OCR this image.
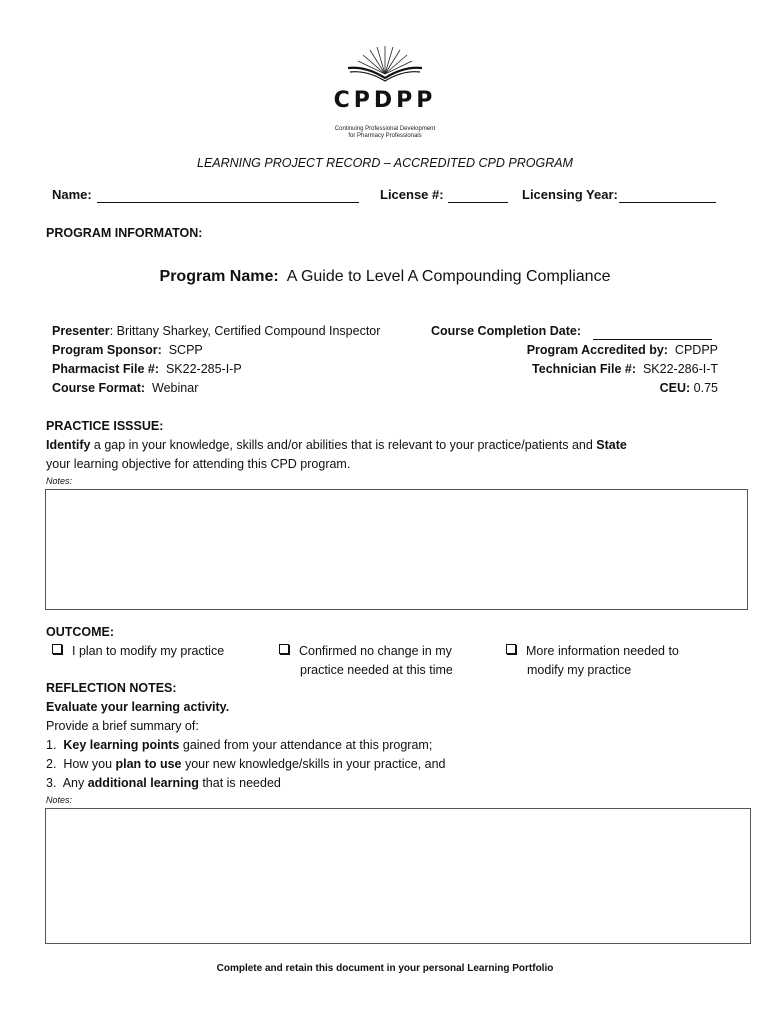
CPDPP
Continuing Professional Development
for Pharmacy Professionals
LEARNING PROJECT RECORD – ACCREDITED CPD PROGRAM
Name:	License #:	Licensing Year:
PROGRAM INFORMATON:
Program Name: A Guide to Level A Compounding Compliance
Presenter: Brittany Sharkey, Certified Compound Inspector	Course Completion Date:
Program Sponsor: SCPP	Program Accredited by: CPDPP
Pharmacist File #: SK22-285-I-P	Technician File #: SK22-286-I-T
Course Format: Webinar	CEU: 0.75
PRACTICE ISSSUE:
Identify a gap in your knowledge, skills and/or abilities that is relevant to your practice/patients and State
your learning objective for attending this CPD program.
Notes:
OUTCOME:
I plan to modify my practice	Confirmed no change in my
practice needed at this time
More information needed to
modify my practice
REFLECTION NOTES:
Evaluate your learning activity.
Provide a brief summary of:
1. Key learning points gained from your attendance at this program;
2. How you plan to use your new knowledge/skills in your practice, and
3. Any additional learning that is needed
Notes:
Complete and retain this document in your personal Learning Portfolio
